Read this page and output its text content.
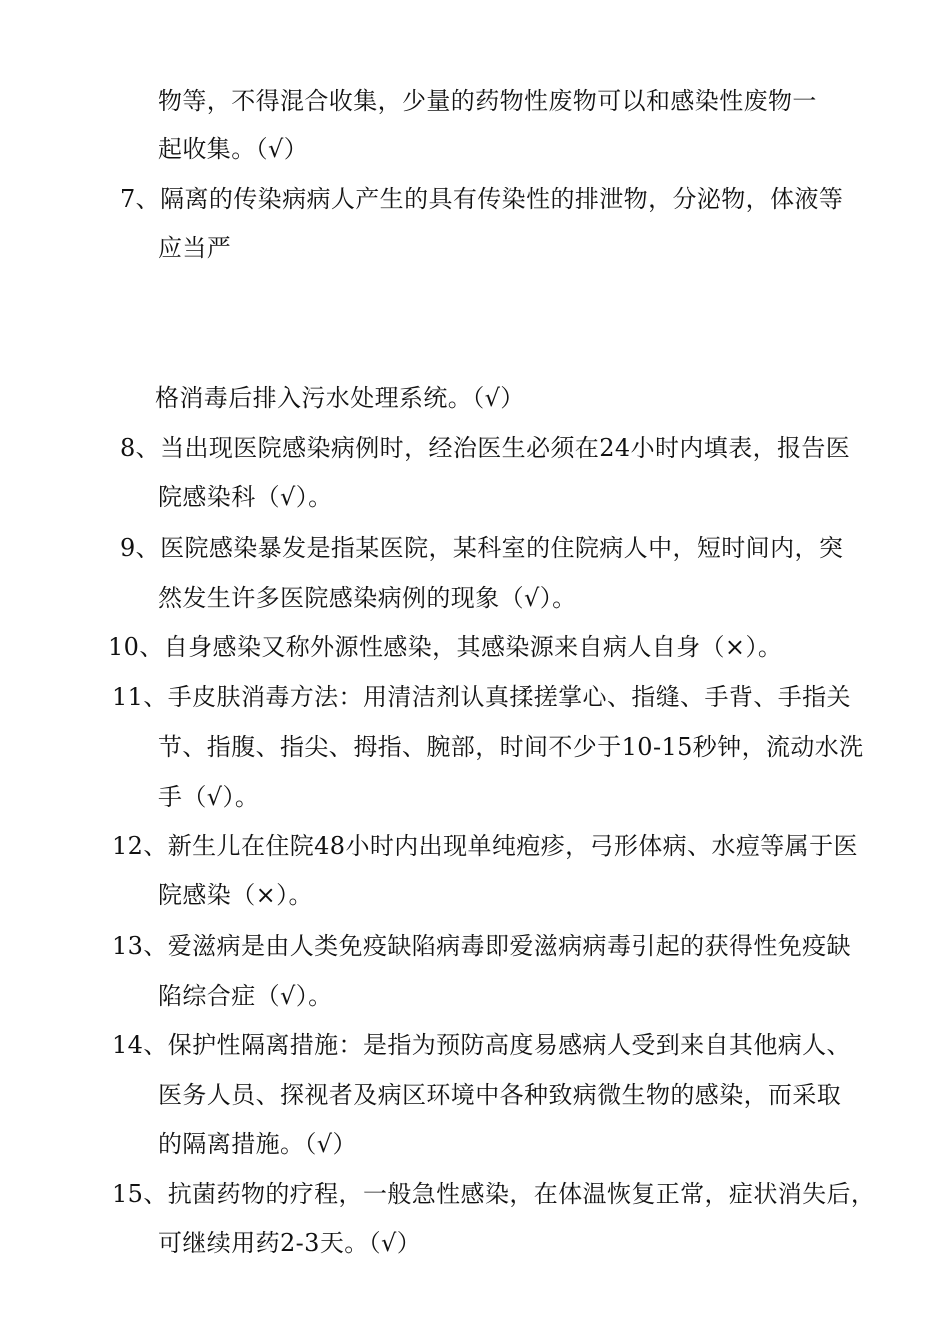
物等，不得混合收集，少量的药物性废物可以和感染性废物一
起收集。（√）
7、隔离的传染病病人产生的具有传染性的排泄物，分泌物，体液等
应当严
格消毒后排入污水处理系统。（√）
8、当出现医院感染病例时，经治医生必须在24小时内填表，报告医
院感染科（√）。
9、医院感染暴发是指某医院，某科室的住院病人中，短时间内，突
然发生许多医院感染病例的现象（√）。
10、自身感染又称外源性感染，其感染源来自病人自身（×）。
11、手皮肤消毒方法：用清洁剂认真揉搓掌心、指缝、手背、手指关
节、指腹、指尖、拇指、腕部，时间不少于10-15秒钟，流动水洗
手（√）。
12、新生儿在住院48小时内出现单纯疱疹，弓形体病、水痘等属于医
院感染（×）。
13、爱滋病是由人类免疫缺陷病毒即爱滋病病毒引起的获得性免疫缺
陷综合症（√）。
14、保护性隔离措施：是指为预防高度易感病人受到来自其他病人、
医务人员、探视者及病区环境中各种致病微生物的感染，而采取
的隔离措施。（√）
15、抗菌药物的疗程，一般急性感染，在体温恢复正常，症状消失后，
可继续用药2-3天。（√）
